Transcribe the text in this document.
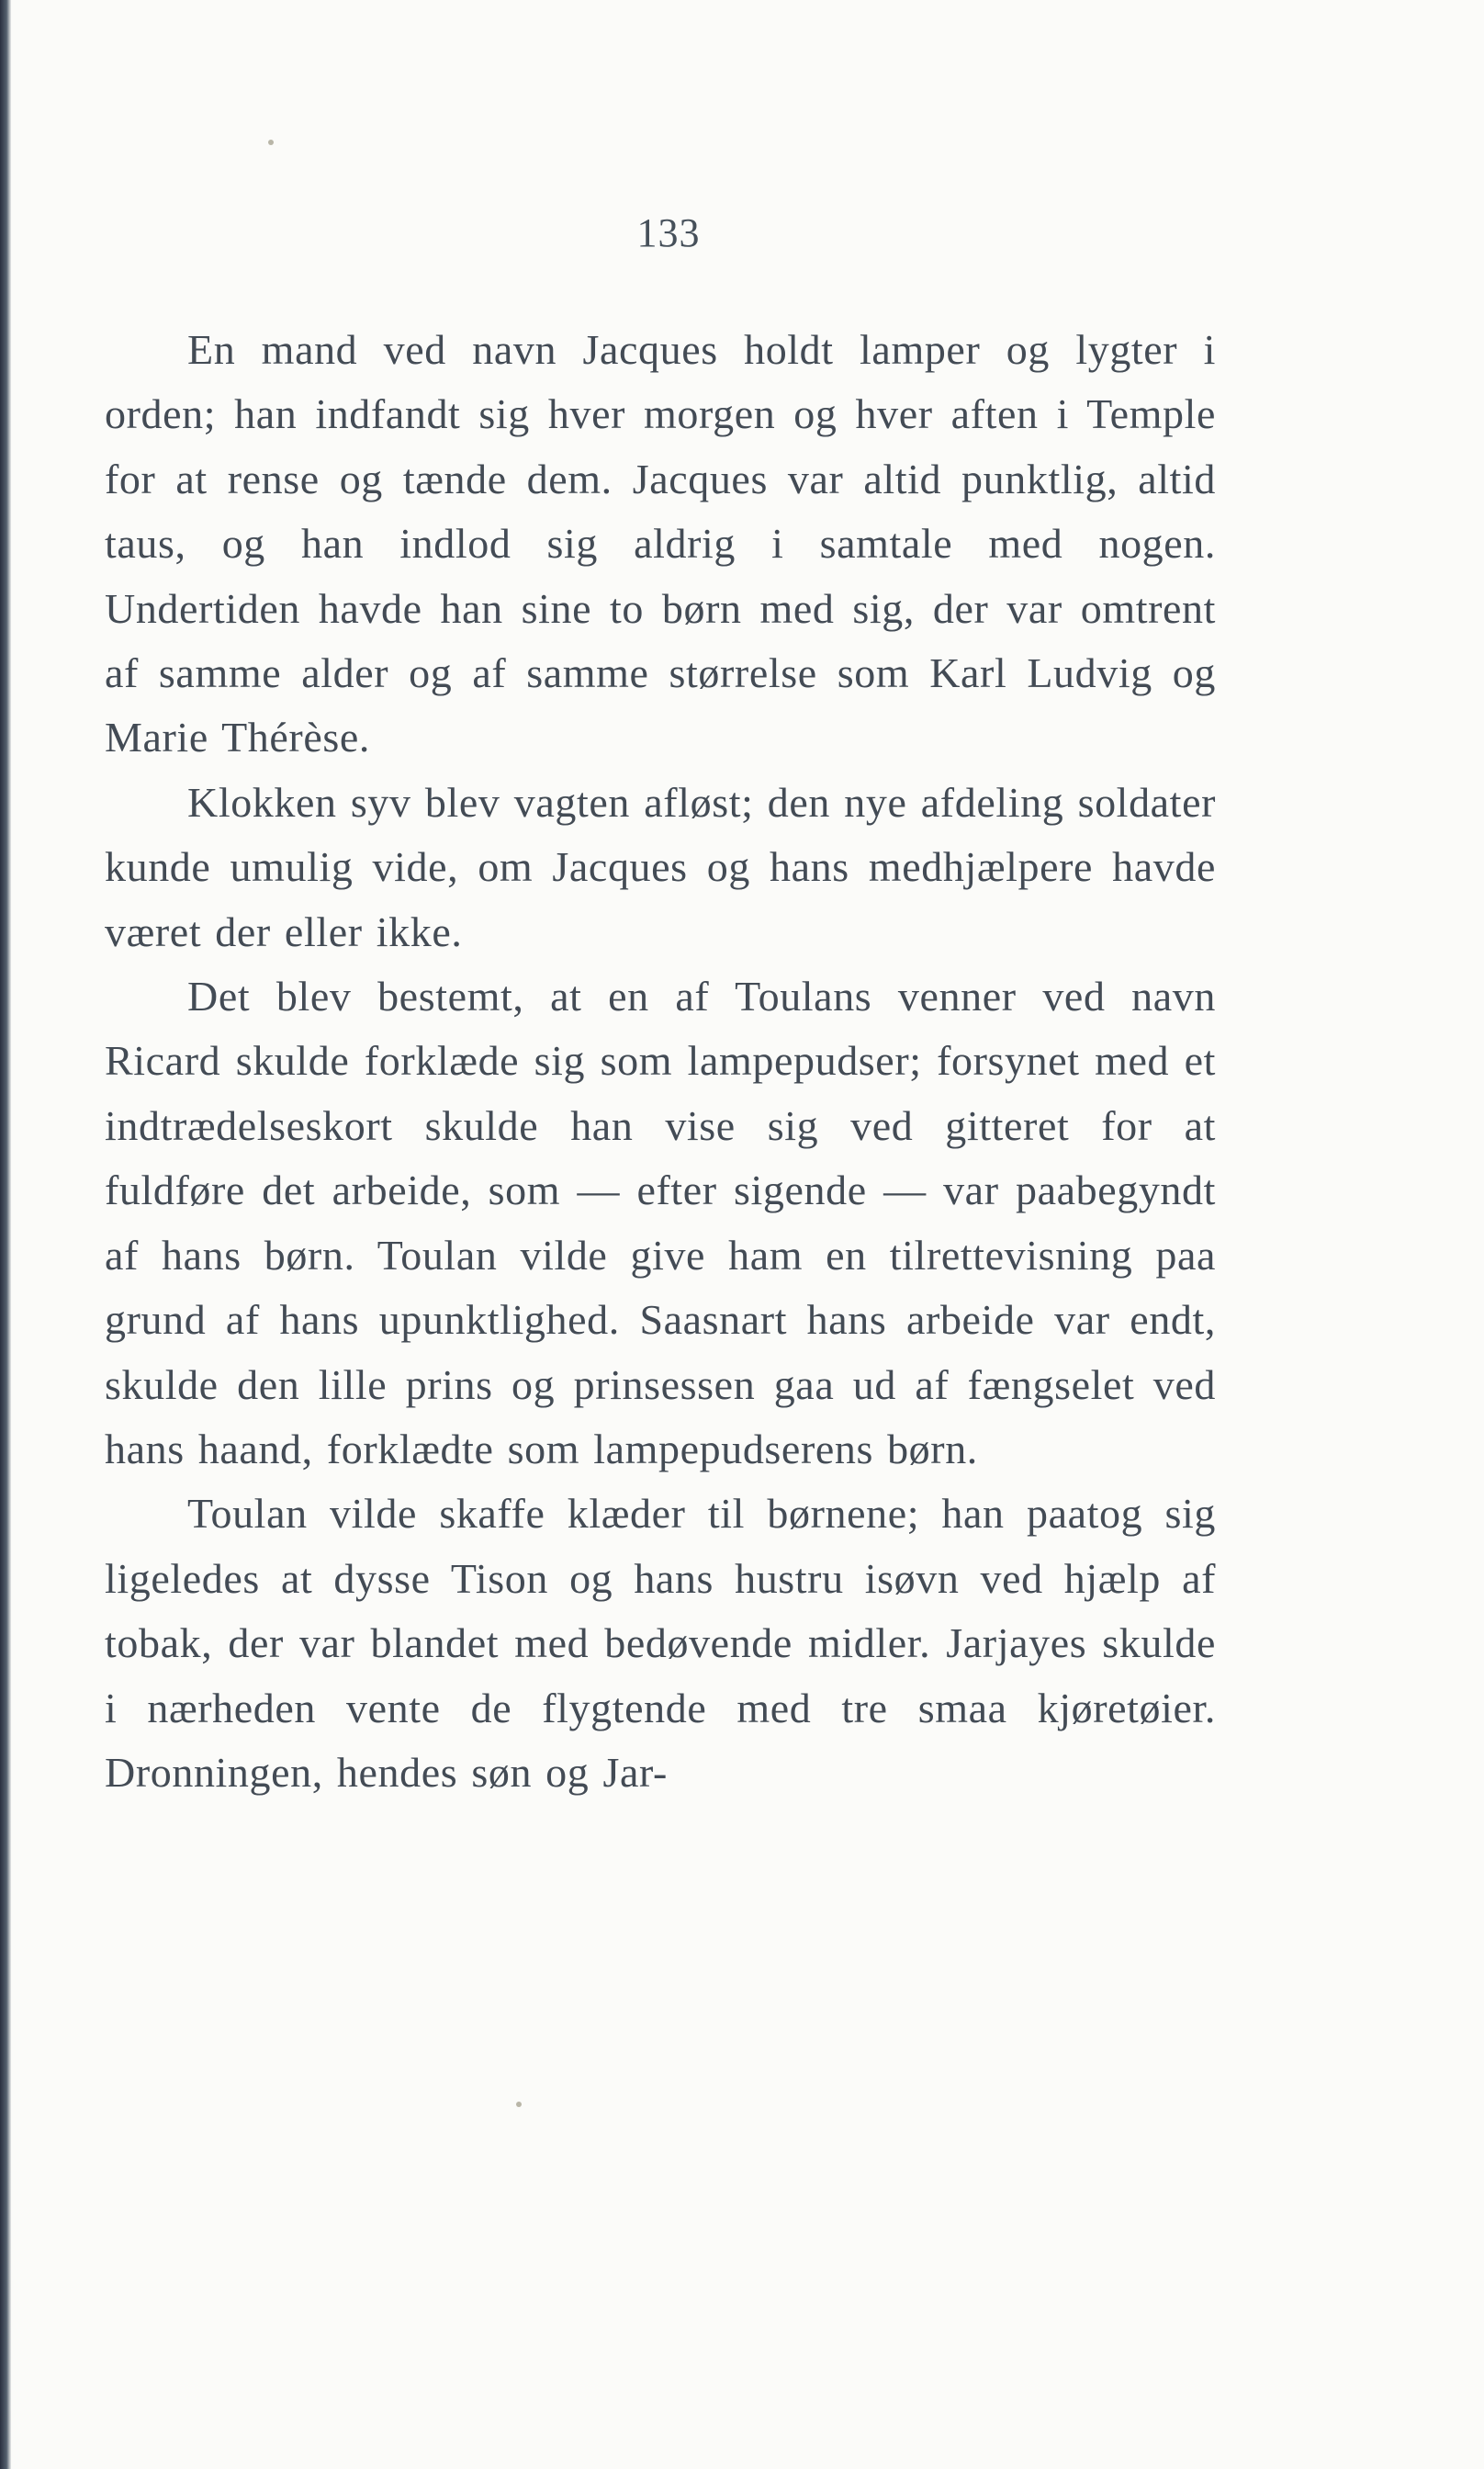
133

En mand ved navn Jacques holdt lamper og lygter i orden; han indfandt sig hver morgen og hver aften i Temple for at rense og tænde dem. Jacques var altid punktlig, altid taus, og han indlod sig aldrig i samtale med nogen. Undertiden havde han sine to børn med sig, der var omtrent af samme alder og af samme størrelse som Karl Ludvig og Marie Thérèse.

Klokken syv blev vagten afløst; den nye afdeling soldater kunde umulig vide, om Jacques og hans medhjælpere havde været der eller ikke.

Det blev bestemt, at en af Toulans venner ved navn Ricard skulde forklæde sig som lampepudser; forsynet med et indtrædelseskort skulde han vise sig ved gitteret for at fuldføre det arbeide, som — efter sigende — var paabegyndt af hans børn. Toulan vilde give ham en tilrettevisning paa grund af hans upunktlighed. Saasnart hans arbeide var endt, skulde den lille prins og prinsessen gaa ud af fængselet ved hans haand, forklædte som lampepudserens børn.

Toulan vilde skaffe klæder til børnene; han paatog sig ligeledes at dysse Tison og hans hustru isøvn ved hjælp af tobak, der var blandet med bedøvende midler. Jarjayes skulde i nærheden vente de flygtende med tre smaa kjøretøier. Dronningen, hendes søn og Jar-
